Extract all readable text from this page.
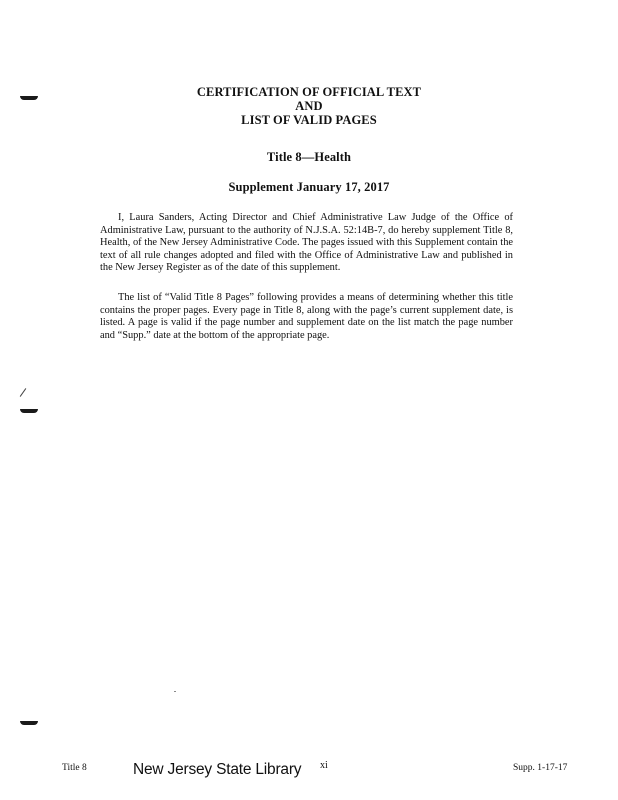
CERTIFICATION OF OFFICIAL TEXT
AND
LIST OF VALID PAGES
Title 8—Health
Supplement January 17, 2017

I, Laura Sanders, Acting Director and Chief Administrative Law Judge of the Office of Administrative Law, pursuant to the authority of N.J.S.A. 52:14B-7, do hereby supplement Title 8, Health, of the New Jersey Administrative Code. The pages issued with this Supplement contain the text of all rule changes adopted and filed with the Office of Administrative Law and published in the New Jersey Register as of the date of this supplement.

The list of “Valid Title 8 Pages” following provides a means of determining whether this title contains the proper pages. Every page in Title 8, along with the page’s current supplement date, is listed. A page is valid if the page number and supplement date on the list match the page number and “Supp.” date at the bottom of the appropriate page.

Title 8	New Jersey State Library xi	Supp. 1-17-17
